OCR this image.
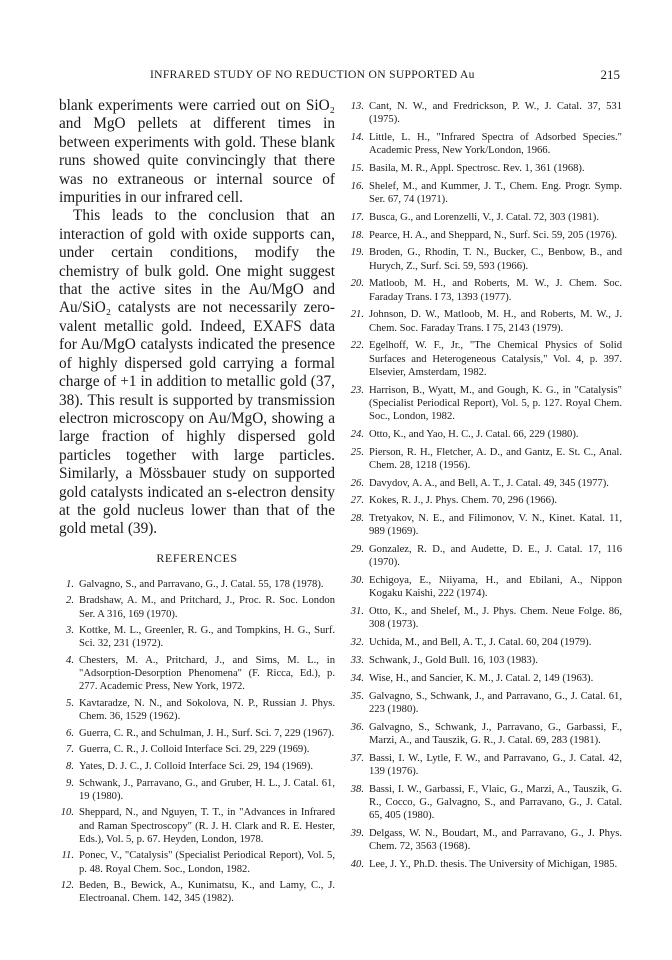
INFRARED STUDY OF NO REDUCTION ON SUPPORTED Au	215

blank experiments were carried out on SiO₂ and MgO pellets at different times in between experiments with gold. These blank runs showed quite convincingly that there was no extraneous or internal source of impurities in our infrared cell.

This leads to the conclusion that an interaction of gold with oxide supports can, under certain conditions, modify the chemistry of bulk gold. One might suggest that the active sites in the Au/MgO and Au/SiO₂ catalysts are not necessarily zero-valent metallic gold. Indeed, EXAFS data for Au/MgO catalysts indicated the presence of highly dispersed gold carrying a formal charge of +1 in addition to metallic gold (37, 38). This result is supported by transmission electron microscopy on Au/MgO, showing a large fraction of highly dispersed gold particles together with large particles. Similarly, a Mössbauer study on supported gold catalysts indicated an s-electron density at the gold nucleus lower than that of the gold metal (39).

REFERENCES
1. Galvagno, S., and Parravano, G., J. Catal. 55, 178 (1978).
2. Bradshaw, A. M., and Pritchard, J., Proc. R. Soc. London Ser. A 316, 169 (1970).
3. Kottke, M. L., Greenler, R. G., and Tompkins, H. G., Surf. Sci. 32, 231 (1972).
4. Chesters, M. A., Pritchard, J., and Sims, M. L., in "Adsorption-Desorption Phenomena" (F. Ricca, Ed.), p. 277. Academic Press, New York, 1972.
5. Kavtaradze, N. N., and Sokolova, N. P., Russian J. Phys. Chem. 36, 1529 (1962).
6. Guerra, C. R., and Schulman, J. H., Surf. Sci. 7, 229 (1967).
7. Guerra, C. R., J. Colloid Interface Sci. 29, 229 (1969).
8. Yates, D. J. C., J. Colloid Interface Sci. 29, 194 (1969).
9. Schwank, J., Parravano, G., and Gruber, H. L., J. Catal. 61, 19 (1980).
10. Sheppard, N., and Nguyen, T. T., in "Advances in Infrared and Raman Spectroscopy" (R. J. H. Clark and R. E. Hester, Eds.), Vol. 5, p. 67. Heyden, London, 1978.
11. Ponec, V., "Catalysis" (Specialist Periodical Report), Vol. 5, p. 48. Royal Chem. Soc., London, 1982.
12. Beden, B., Bewick, A., Kunimatsu, K., and Lamy, C., J. Electroanal. Chem. 142, 345 (1982).
13. Cant, N. W., and Fredrickson, P. W., J. Catal. 37, 531 (1975).
14. Little, L. H., "Infrared Spectra of Adsorbed Species." Academic Press, New York/London, 1966.
15. Basila, M. R., Appl. Spectrosc. Rev. 1, 361 (1968).
16. Shelef, M., and Kummer, J. T., Chem. Eng. Progr. Symp. Ser. 67, 74 (1971).
17. Busca, G., and Lorenzelli, V., J. Catal. 72, 303 (1981).
18. Pearce, H. A., and Sheppard, N., Surf. Sci. 59, 205 (1976).
19. Broden, G., Rhodin, T. N., Bucker, C., Benbow, B., and Hurych, Z., Surf. Sci. 59, 593 (1966).
20. Matloob, M. H., and Roberts, M. W., J. Chem. Soc. Faraday Trans. I 73, 1393 (1977).
21. Johnson, D. W., Matloob, M. H., and Roberts, M. W., J. Chem. Soc. Faraday Trans. I 75, 2143 (1979).
22. Egelhoff, W. F., Jr., "The Chemical Physics of Solid Surfaces and Heterogeneous Catalysis," Vol. 4, p. 397. Elsevier, Amsterdam, 1982.
23. Harrison, B., Wyatt, M., and Gough, K. G., in "Catalysis" (Specialist Periodical Report), Vol. 5, p. 127. Royal Chem. Soc., London, 1982.
24. Otto, K., and Yao, H. C., J. Catal. 66, 229 (1980).
25. Pierson, R. H., Fletcher, A. D., and Gantz, E. St. C., Anal. Chem. 28, 1218 (1956).
26. Davydov, A. A., and Bell, A. T., J. Catal. 49, 345 (1977).
27. Kokes, R. J., J. Phys. Chem. 70, 296 (1966).
28. Tretyakov, N. E., and Filimonov, V. N., Kinet. Katal. 11, 989 (1969).
29. Gonzalez, R. D., and Audette, D. E., J. Catal. 17, 116 (1970).
30. Echigoya, E., Niiyama, H., and Ebilani, A., Nippon Kogaku Kaishi, 222 (1974).
31. Otto, K., and Shelef, M., J. Phys. Chem. Neue Folge. 86, 308 (1973).
32. Uchida, M., and Bell, A. T., J. Catal. 60, 204 (1979).
33. Schwank, J., Gold Bull. 16, 103 (1983).
34. Wise, H., and Sancier, K. M., J. Catal. 2, 149 (1963).
35. Galvagno, S., Schwank, J., and Parravano, G., J. Catal. 61, 223 (1980).
36. Galvagno, S., Schwank, J., Parravano, G., Garbassi, F., Marzi, A., and Tauszik, G. R., J. Catal. 69, 283 (1981).
37. Bassi, I. W., Lytle, F. W., and Parravano, G., J. Catal. 42, 139 (1976).
38. Bassi, I. W., Garbassi, F., Vlaic, G., Marzi, A., Tauszik, G. R., Cocco, G., Galvagno, S., and Parravano, G., J. Catal. 65, 405 (1980).
39. Delgass, W. N., Boudart, M., and Parravano, G., J. Phys. Chem. 72, 3563 (1968).
40. Lee, J. Y., Ph.D. thesis. The University of Michigan, 1985.
